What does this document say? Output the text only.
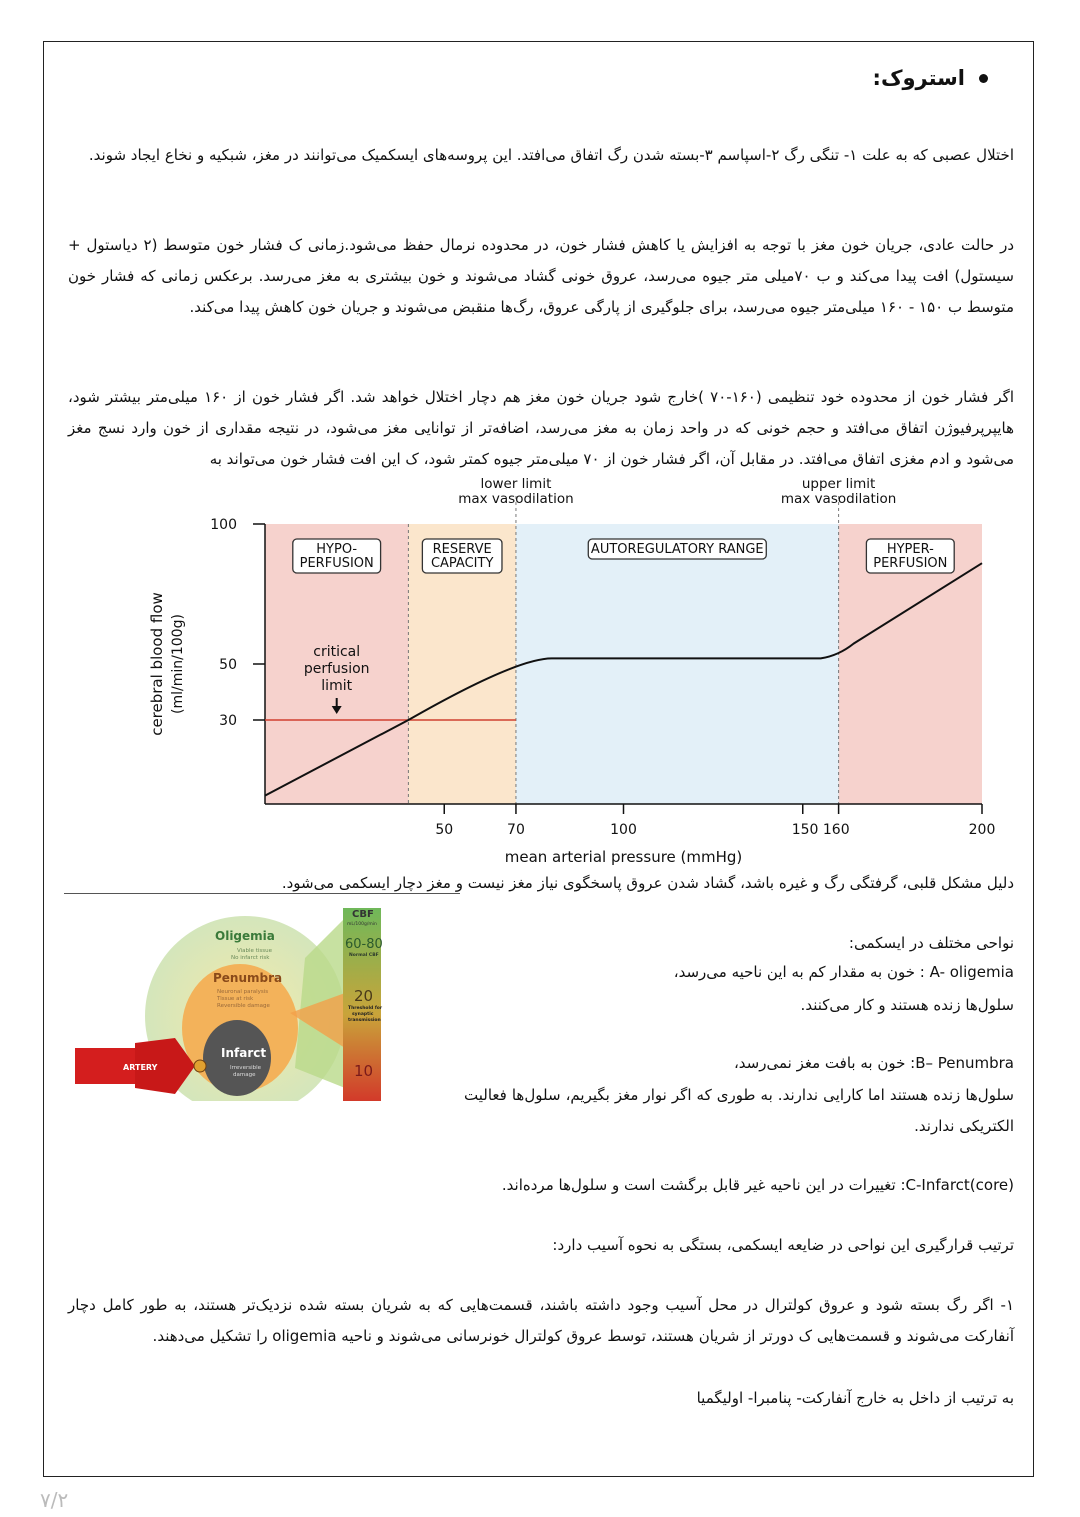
استروک:
اختلال عصبی که به علت ۱- تنگی رگ ۲-اسپاسم ۳-بسته شدن رگ اتفاق می‌افتد. این پروسه‌های ایسکمیک می‌توانند در مغز، شبکیه و نخاع ایجاد شوند.
در حالت عادی، جریان خون مغز با توجه به افزایش یا کاهش فشار خون، در محدوده نرمال حفظ می‌شود.زمانی ک فشار خون متوسط (۲ دیاستول + سیستول) افت پیدا می‌کند و ب ۷۰میلی متر جیوه می‌رسد، عروق خونی گشاد می‌شوند و خون بیشتری به مغز می‌رسد. برعکس زمانی که فشار خون متوسط ب ۱۵۰ - ۱۶۰ میلی‌متر جیوه می‌رسد، برای جلوگیری از پارگی عروق، رگ‌ها منقبض می‌شوند و جریان خون کاهش پیدا می‌کند.
اگر فشار خون از محدوده خود تنظیمی (۱۶۰-۷۰ )خارج شود جریان خون مغز هم دچار اختلال خواهد شد. اگر فشار خون از ۱۶۰ میلی‌متر بیشتر شود، هایپرپرفیوژن اتفاق می‌افتد و حجم خونی که در واحد زمان به مغز می‌رسد، اضافه‌تر از توانایی مغز می‌شود، در نتیجه مقداری از خون وارد نسج مغز می‌شود و ادم مغزی اتفاق می‌افتد. در مقابل آن، اگر فشار خون از ۷۰ میلی‌متر جیوه کمتر شود، ک این افت فشار خون می‌تواند به
HYPO-
PERFUSION
RESERVE
CAPACITY
AUTOREGULATORY RANGE	HYPER-
PERFUSION
lower limit
max vasodilation
upper limit
max vasodilation
100
50
30
50	70	100	150 160	200
mean arterial pressure (mmHg)
cerebral blood flow (ml/min/100g)	critical
perfusion
limit
دلیل مشکل قلبی، گرفتگی رگ و غیره باشد، گشاد شدن عروق پاسخگوی نیاز مغز نیست و مغز دچار ایسکمی می‌شود.
Oligemia
Viable tissue
No infarct risk
Penumbra
Neuronal paralysis
Tissue at risk
Reversible damage
Infarct
Irreversible
damage
ARTERY
CBF
mL/100g/min
60-80
Normal CBF
20
Threshold for
synaptic
transmission
10
نواحی مختلف در ایسکمی:
A- oligemia : خون به مقدار کم به این ناحیه می‌رسد،
سلول‌ها زنده هستند و کار می‌کنند.
B– Penumbra: خون به بافت مغز نمی‌رسد،
سلول‌ها زنده هستند اما کارایی ندارند. به طوری که اگر نوار مغز بگیریم، سلول‌ها فعالیت الکتریکی ندارند.
C-Infarct(core): تغییرات در این ناحیه غیر قابل برگشت است و سلول‌ها مرده‌اند.
ترتیب قرارگیری این نواحی در ضایعه ایسکمی، بستگی به نحوه آسیب دارد:
۱- اگر رگ بسته شود و عروق کولترال در محل آسیب وجود داشته باشند، قسمت‌هایی که به شریان بسته شده نزدیک‌تر هستند، به طور کامل دچار آنفارکت می‌شوند و قسمت‌هایی ک دورتر از شریان هستند، توسط عروق کولترال خونرسانی می‌شوند و ناحیه oligemia را تشکیل می‌دهند.
به ترتیب از داخل به خارج آنفارکت- پنامبرا- اولیگمیا
۷/۲
